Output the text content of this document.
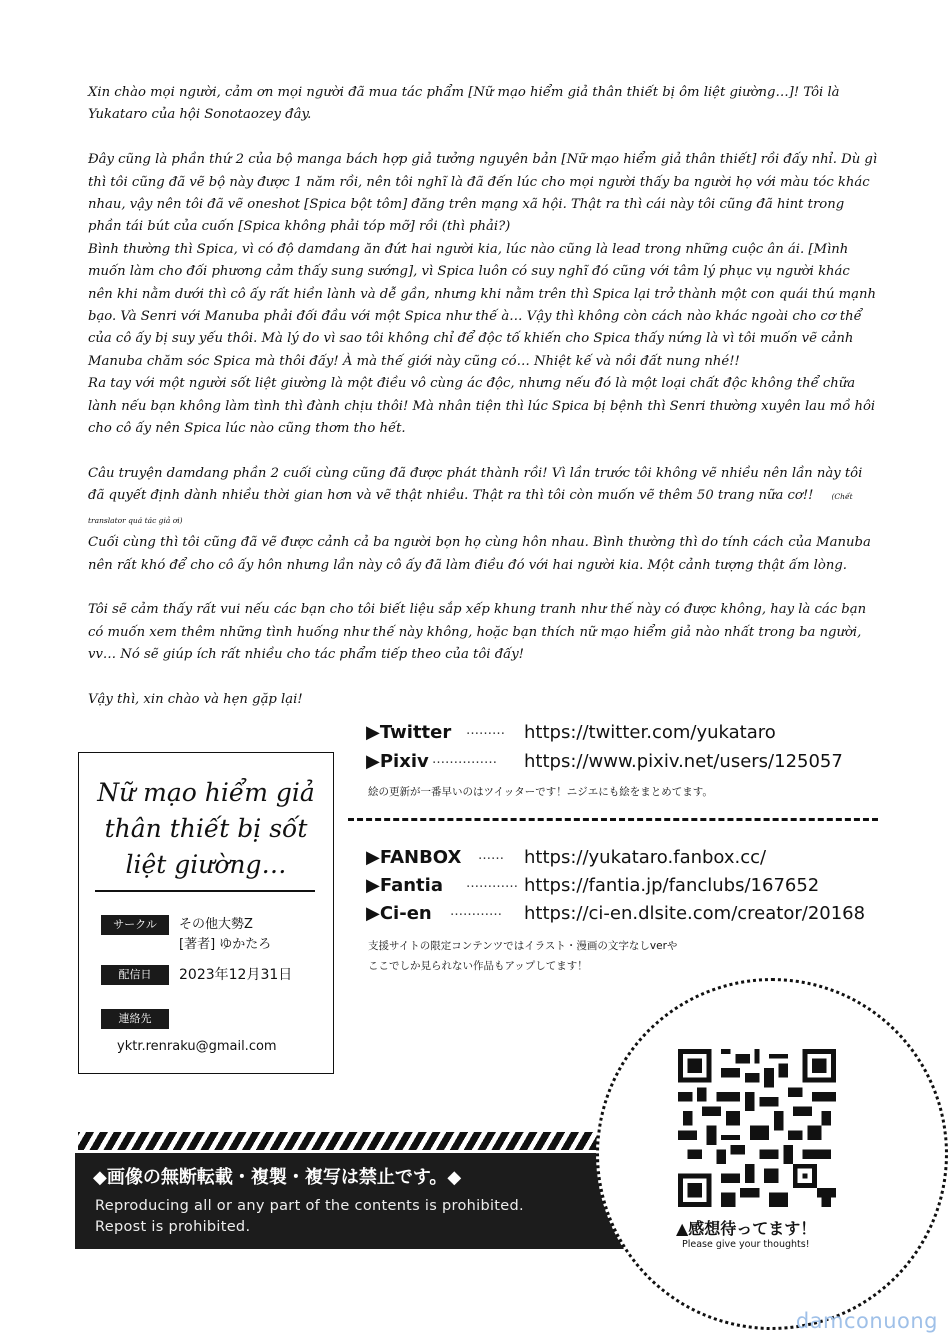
Xin chào mọi người, cảm ơn mọi người đã mua tác phẩm [Nữ mạo hiểm giả thân thiết bị ôm liệt giường…]! Tôi là Yukataro của hội Sonotaozey đây.

Đây cũng là phần thứ 2 của bộ manga bách hợp giả tưởng nguyên bản [Nữ mạo hiểm giả thân thiết] rồi đấy nhỉ. Dù gì thì tôi cũng đã vẽ bộ này được 1 năm rồi, nên tôi nghĩ là đã đến lúc cho mọi người thấy ba người họ với màu tóc khác nhau, vậy nên tôi đã vẽ oneshot [Spica bột tôm] đăng trên mạng xã hội. Thật ra thì cái này tôi cũng đã hint trong phần tái bút của cuốn [Spica không phải tóp mỡ] rồi (thì phải?)

Bình thường thì Spica, vì có độ damdang ăn đứt hai người kia, lúc nào cũng là lead trong những cuộc ân ái. [Mình muốn làm cho đối phương cảm thấy sung sướng], vì Spica luôn có suy nghĩ đó cũng với tâm lý phục vụ người khác nên khi nằm dưới thì cô ấy rất hiền lành và dễ gần, nhưng khi nằm trên thì Spica lại trở thành một con quái thú mạnh bạo. Và Senri với Manuba phải đối đầu với một Spica như thế à… Vậy thì không còn cách nào khác ngoài cho cơ thể của cô ấy bị suy yếu thôi. Mà lý do vì sao tôi không chỉ để độc tố khiến cho Spica thấy nứng là vì tôi muốn vẽ cảnh Manuba chăm sóc Spica mà thôi đấy! À mà thế giới này cũng có… Nhiệt kế và nồi đất nung nhé!!

Ra tay với một người sốt liệt giường là một điều vô cùng ác độc, nhưng nếu đó là một loại chất độc không thể chữa lành nếu bạn không làm tình thì đành chịu thôi! Mà nhân tiện thì lúc Spica bị bệnh thì Senri thường xuyên lau mồ hôi cho cô ấy nên Spica lúc nào cũng thơm tho hết.

Câu truyện damdang phần 2 cuối cùng cũng đã được phát thành rồi! Vì lần trước tôi không vẽ nhiều nên lần này tôi đã quyết định dành nhiều thời gian hơn và vẽ thật nhiều. Thật ra thì tôi còn muốn vẽ thêm 50 trang nữa cơ!! (Chết translator quá tác giả ơi)

Cuối cùng thì tôi cũng đã vẽ được cảnh cả ba người bọn họ cùng hôn nhau. Bình thường thì do tính cách của Manuba nên rất khó để cho cô ấy hôn nhưng lần này cô ấy đã làm điều đó với hai người kia. Một cảnh tượng thật ấm lòng.

Tôi sẽ cảm thấy rất vui nếu các bạn cho tôi biết liệu sắp xếp khung tranh như thế này có được không, hay là các bạn có muốn xem thêm những tình huống như thế này không, hoặc bạn thích nữ mạo hiểm giả nào nhất trong ba người, vv… Nó sẽ giúp ích rất nhiều cho tác phẩm tiếp theo của tôi đấy!

Vậy thì, xin chào và hẹn gặp lại!

Nữ mạo hiểm giả
thân thiết bị sốt
liệt giường…
サークル	その他大勢Z
[著者] ゆかたろ
配信日	2023年12月31日
連絡先
yktr.renraku@gmail.com
▶Twitter ……… https://twitter.com/yukataro
▶Pixiv …………… https://www.pixiv.net/users/125057
絵の更新が一番早いのはツイッターです！ニジエにも絵をまとめてます。
▶FANBOX …… https://yukataro.fanbox.cc/
▶Fantia ………… https://fantia.jp/fanclubs/167652
▶Ci-en ………… https://ci-en.dlsite.com/creator/20168
支援サイトの限定コンテンツではイラスト・漫画の文字なしverや
ここでしか見られない作品もアップしてます！
◆画像の無断転載・複製・複写は禁止です。◆
Reproducing all or any part of the contents is prohibited.
Repost is prohibited.	▲感想待ってます！
Please give your thoughts!
damconuong
